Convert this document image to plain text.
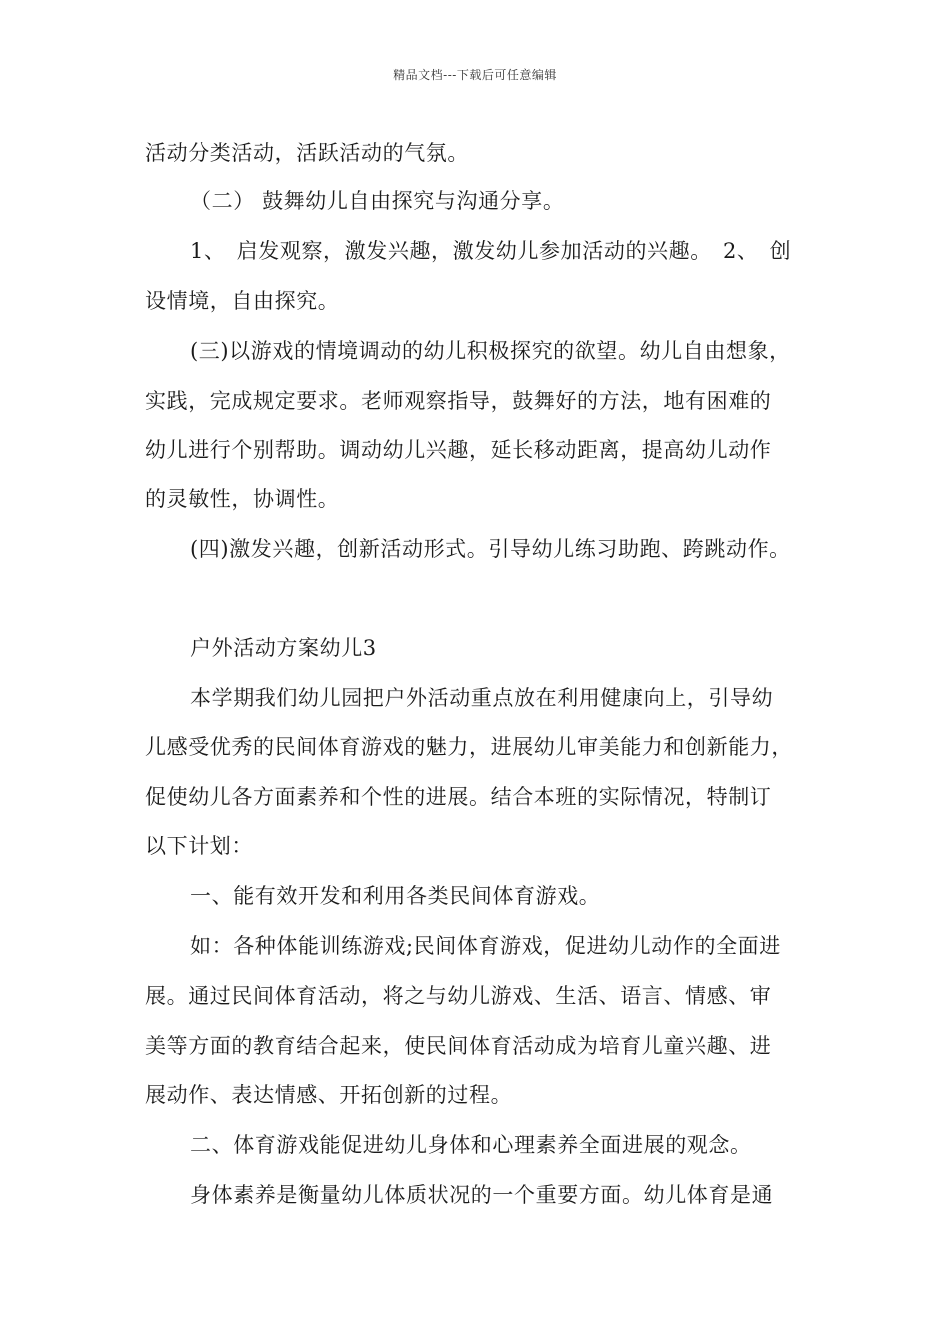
精品文档---下载后可任意编辑
活动分类活动，活跃活动的气氛。
（二） 鼓舞幼儿自由探究与沟通分享。
1、　启发观察，激发兴趣，激发幼儿参加活动的兴趣。　2、　创
设情境，自由探究。
(三)以游戏的情境调动的幼儿积极探究的欲望。幼儿自由想象，
实践，完成规定要求。老师观察指导，鼓舞好的方法，地有困难的
幼儿进行个别帮助。调动幼儿兴趣，延长移动距离，提高幼儿动作
的灵敏性，协调性。
(四)激发兴趣，创新活动形式。引导幼儿练习助跑、跨跳动作。
户外活动方案幼儿3
本学期我们幼儿园把户外活动重点放在利用健康向上，引导幼
儿感受优秀的民间体育游戏的魅力，进展幼儿审美能力和创新能力，
促使幼儿各方面素养和个性的进展。结合本班的实际情况，特制订
以下计划：
一、能有效开发和利用各类民间体育游戏。
如：各种体能训练游戏;民间体育游戏，促进幼儿动作的全面进
展。通过民间体育活动，将之与幼儿游戏、生活、语言、情感、审
美等方面的教育结合起来，使民间体育活动成为培育儿童兴趣、进
展动作、表达情感、开拓创新的过程。
二、体育游戏能促进幼儿身体和心理素养全面进展的观念。
身体素养是衡量幼儿体质状况的一个重要方面。幼儿体育是通
